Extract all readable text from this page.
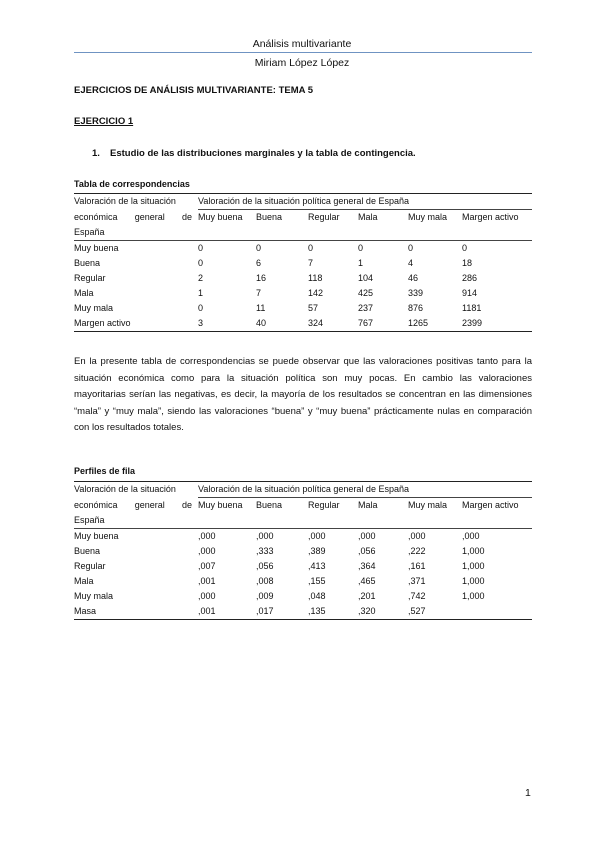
Análisis multivariante
Miriam López López
EJERCICIOS DE ANÁLISIS MULTIVARIANTE: TEMA 5
EJERCICIO 1
1. Estudio de las distribuciones marginales y la tabla de contingencia.
Tabla de correspondencias
Valoración de la situación	Valoración de la situación política general de España					

económica general de	Muy buena	Buena	Regular	Mala	Muy mala	Margen activo
España						
Muy buena	0	0	0	0	0	0
Buena	0	6	7	1	4	18
Regular	2	16	118	104	46	286
Mala	1	7	142	425	339	914
Muy mala	0	11	57	237	876	1181
Margen activo	3	40	324	767	1265	2399
En la presente tabla de correspondencias se puede observar que las valoraciones positivas tanto para la situación económica como para la situación política son muy pocas. En cambio las valoraciones mayoritarias serían las negativas, es decir, la mayoría de los resultados se concentran en las dimensiones “mala” y “muy mala”, siendo las valoraciones “buena” y “muy buena” prácticamente nulas en comparación con los resultados totales.
Perfiles de fila
Valoración de la situación	Valoración de la situación política general de España					

económica general de	Muy buena	Buena	Regular	Mala	Muy mala	Margen activo
España						
Muy buena	,000	,000	,000	,000	,000	,000
Buena	,000	,333	,389	,056	,222	1,000
Regular	,007	,056	,413	,364	,161	1,000
Mala	,001	,008	,155	,465	,371	1,000
Muy mala	,000	,009	,048	,201	,742	1,000
Masa	,001	,017	,135	,320	,527	
1
